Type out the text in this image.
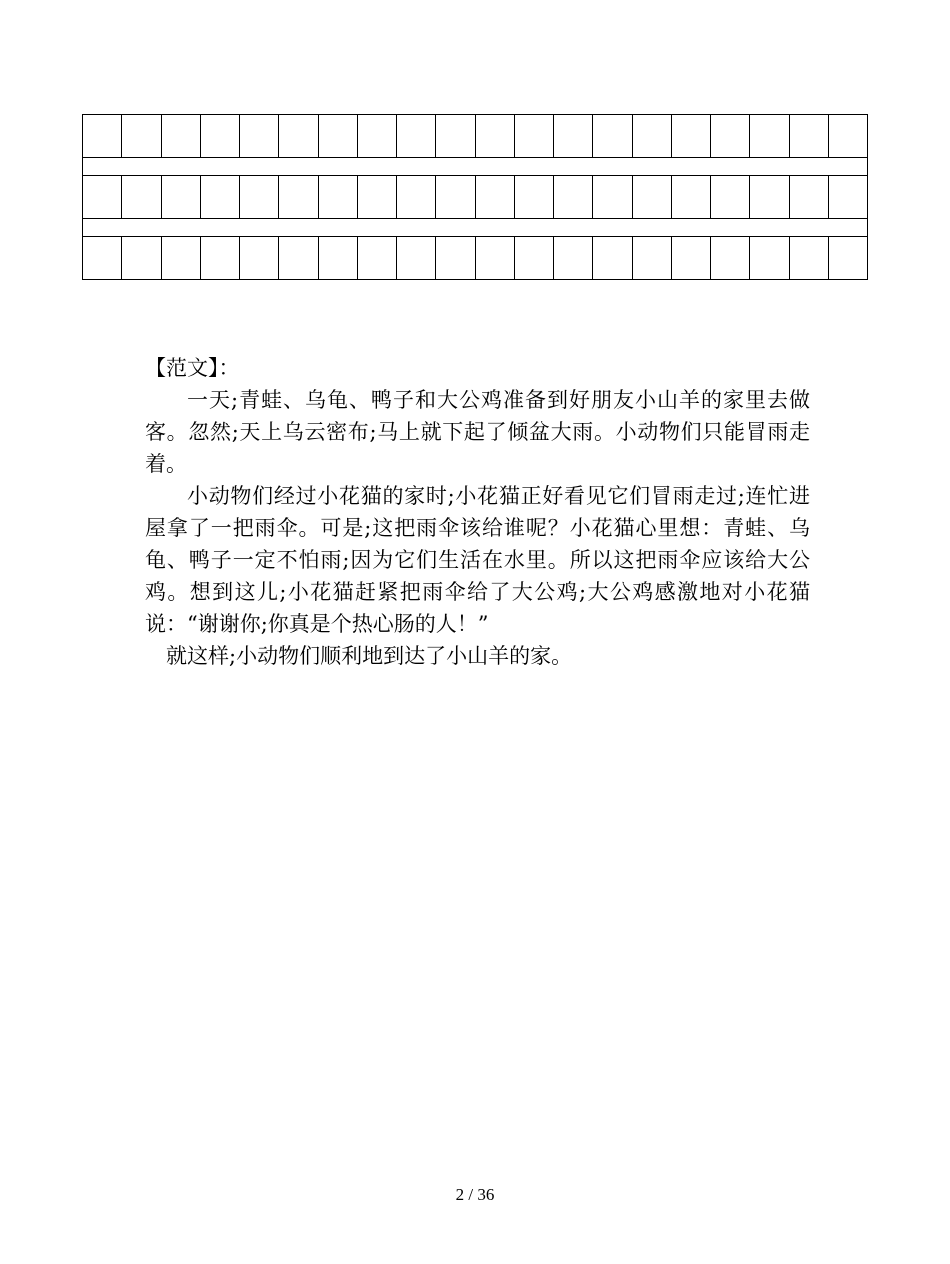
【范文】：

一天;青蛙、乌龟、鸭子和大公鸡准备到好朋友小山羊的家里去做客。忽然;天上乌云密布;马上就下起了倾盆大雨。小动物们只能冒雨走着。

小动物们经过小花猫的家时;小花猫正好看见它们冒雨走过;连忙进屋拿了一把雨伞。可是;这把雨伞该给谁呢？小花猫心里想：青蛙、乌龟、鸭子一定不怕雨;因为它们生活在水里。所以这把雨伞应该给大公鸡。想到这儿;小花猫赶紧把雨伞给了大公鸡;大公鸡感激地对小花猫说：“谢谢你;你真是个热心肠的人！”

就这样;小动物们顺利地到达了小山羊的家。

2 / 36
